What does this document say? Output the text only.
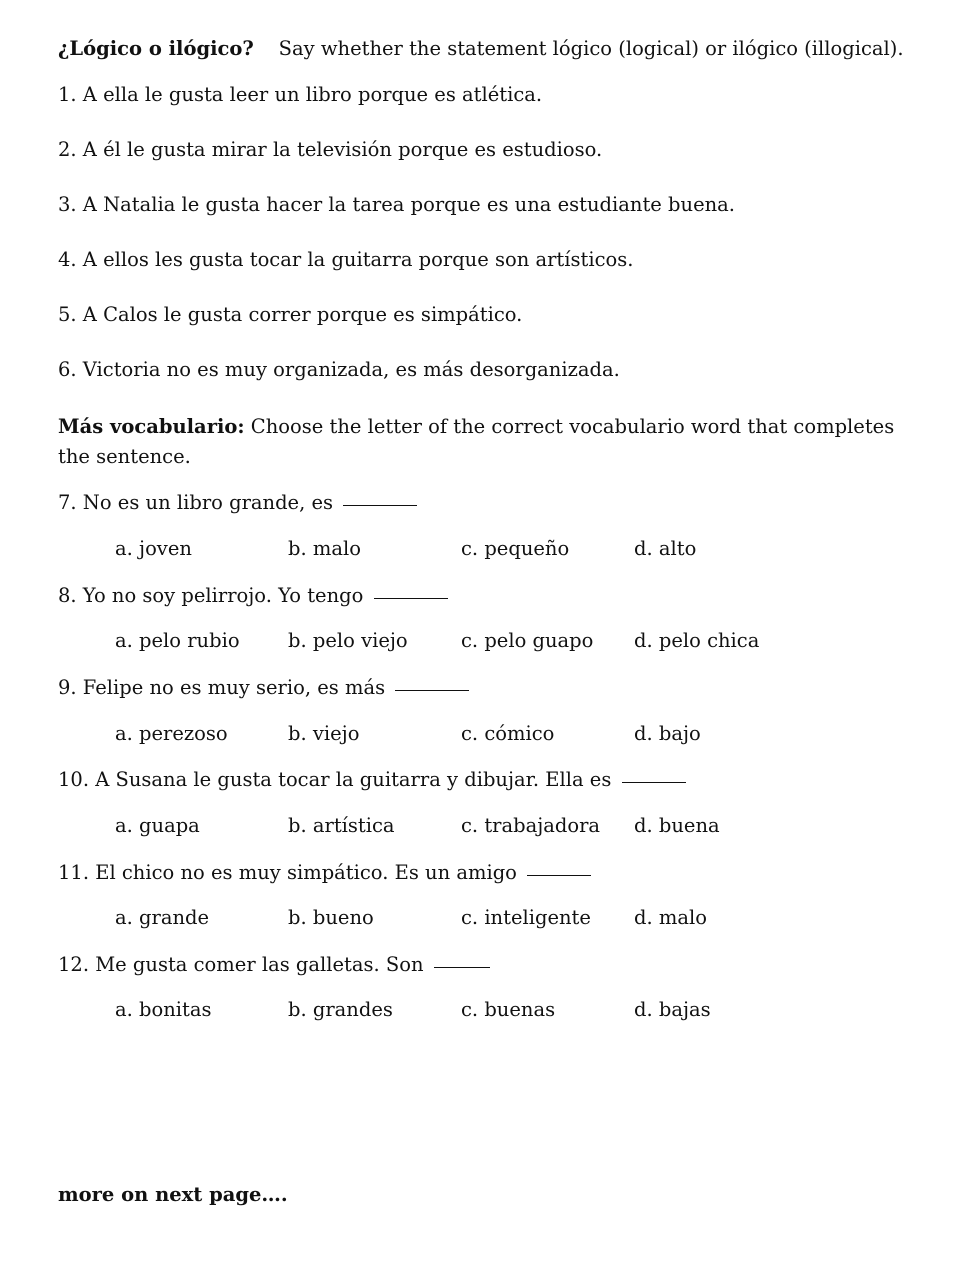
¿Lógico o ilógico? Say whether the statement lógico (logical) or ilógico (illogical).
1. A ella le gusta leer un libro porque es atlética.
2. A él le gusta mirar la televisión porque es estudioso.
3. A Natalia le gusta hacer la tarea porque es una estudiante buena.
4. A ellos les gusta tocar la guitarra porque son artísticos.
5. A Calos le gusta correr porque es simpático.
6. Victoria no es muy organizada, es más desorganizada.
Más vocabulario: Choose the letter of the correct vocabulario word that completes the sentence.
7. No es un libro grande, es
a. joven	b. malo	c. pequeño	d. alto
8. Yo no soy pelirrojo. Yo tengo
a. pelo rubio b. pelo viejo	c. pelo guapo d. pelo chica
9. Felipe no es muy serio, es más
a. perezoso	b. viejo	c. cómico	d. bajo
10. A Susana le gusta tocar la guitarra y dibujar. Ella es
a. guapa	b. artística	c. trabajadora d. buena
11. El chico no es muy simpático. Es un amigo
a. grande	b. bueno	c. inteligente d. malo
12. Me gusta comer las galletas. Son
a. bonitas	b. grandes	c. buenas	d. bajas
more on next page….
